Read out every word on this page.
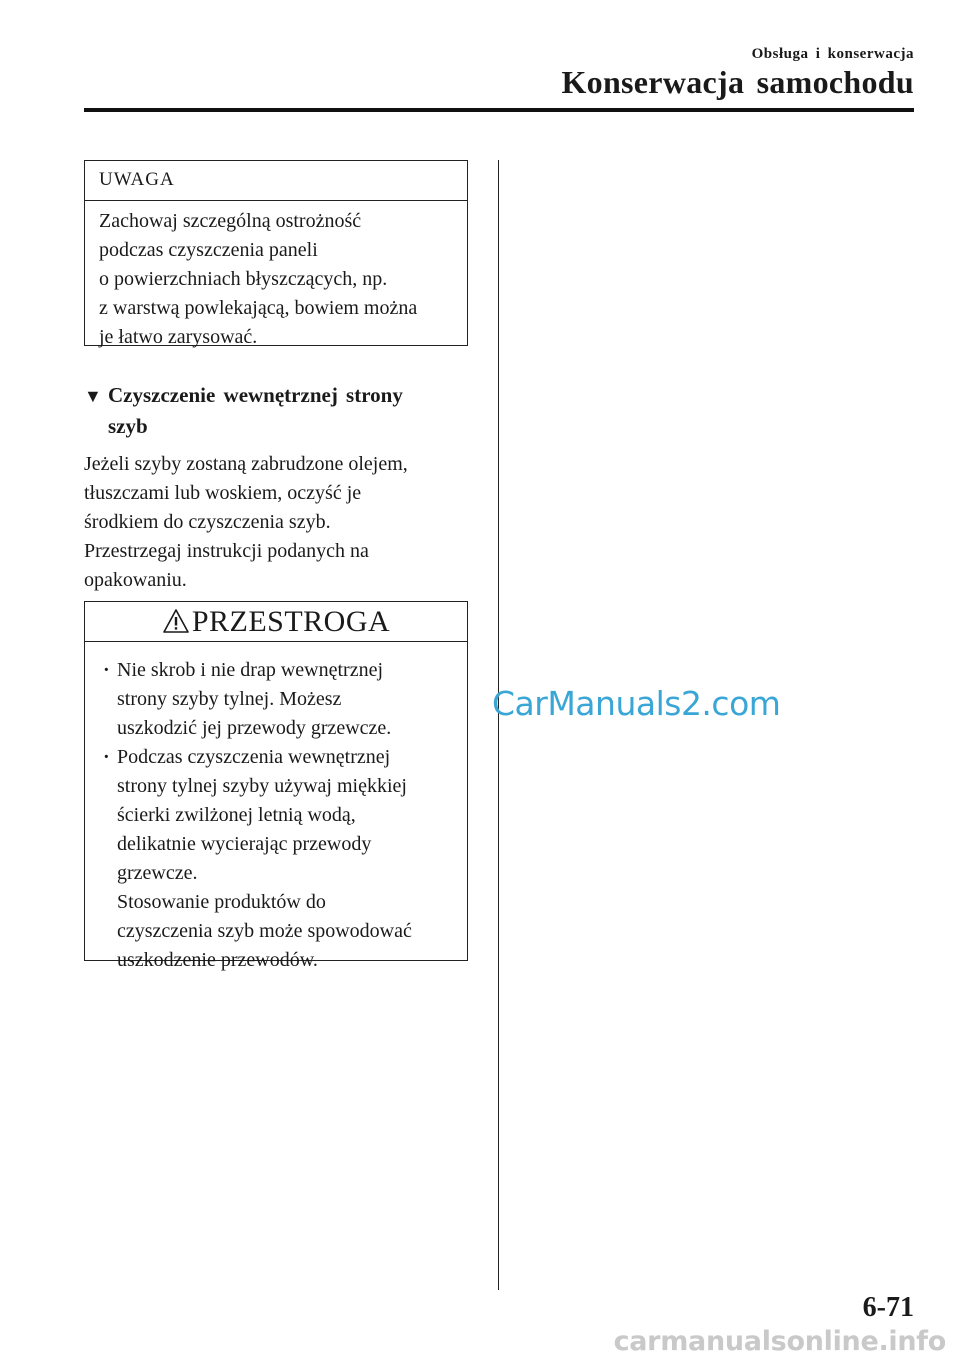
Obsługa i konserwacja
Konserwacja samochodu
UWAGA
Zachowaj szczególną ostrożność
podczas czyszczenia paneli
o powierzchniach błyszczących, np.
z warstwą powlekającą, bowiem można
je łatwo zarysować.
▼ Czyszczenie wewnętrznej strony
szyb
Jeżeli szyby zostaną zabrudzone olejem,
tłuszczami lub woskiem, oczyść je
środkiem do czyszczenia szyb.
Przestrzegaj instrukcji podanych na
opakowaniu.
PRZESTROGA
· Nie skrob i nie drap wewnętrznej
strony szyby tylnej. Możesz
uszkodzić jej przewody grzewcze.
· Podczas czyszczenia wewnętrznej
strony tylnej szyby używaj miękkiej
ścierki zwilżonej letnią wodą,
delikatnie wycierając przewody
grzewcze.
Stosowanie produktów do
czyszczenia szyb może spowodować
uszkodzenie przewodów.
CarManuals2.com
6-71
carmanualsonline.info
